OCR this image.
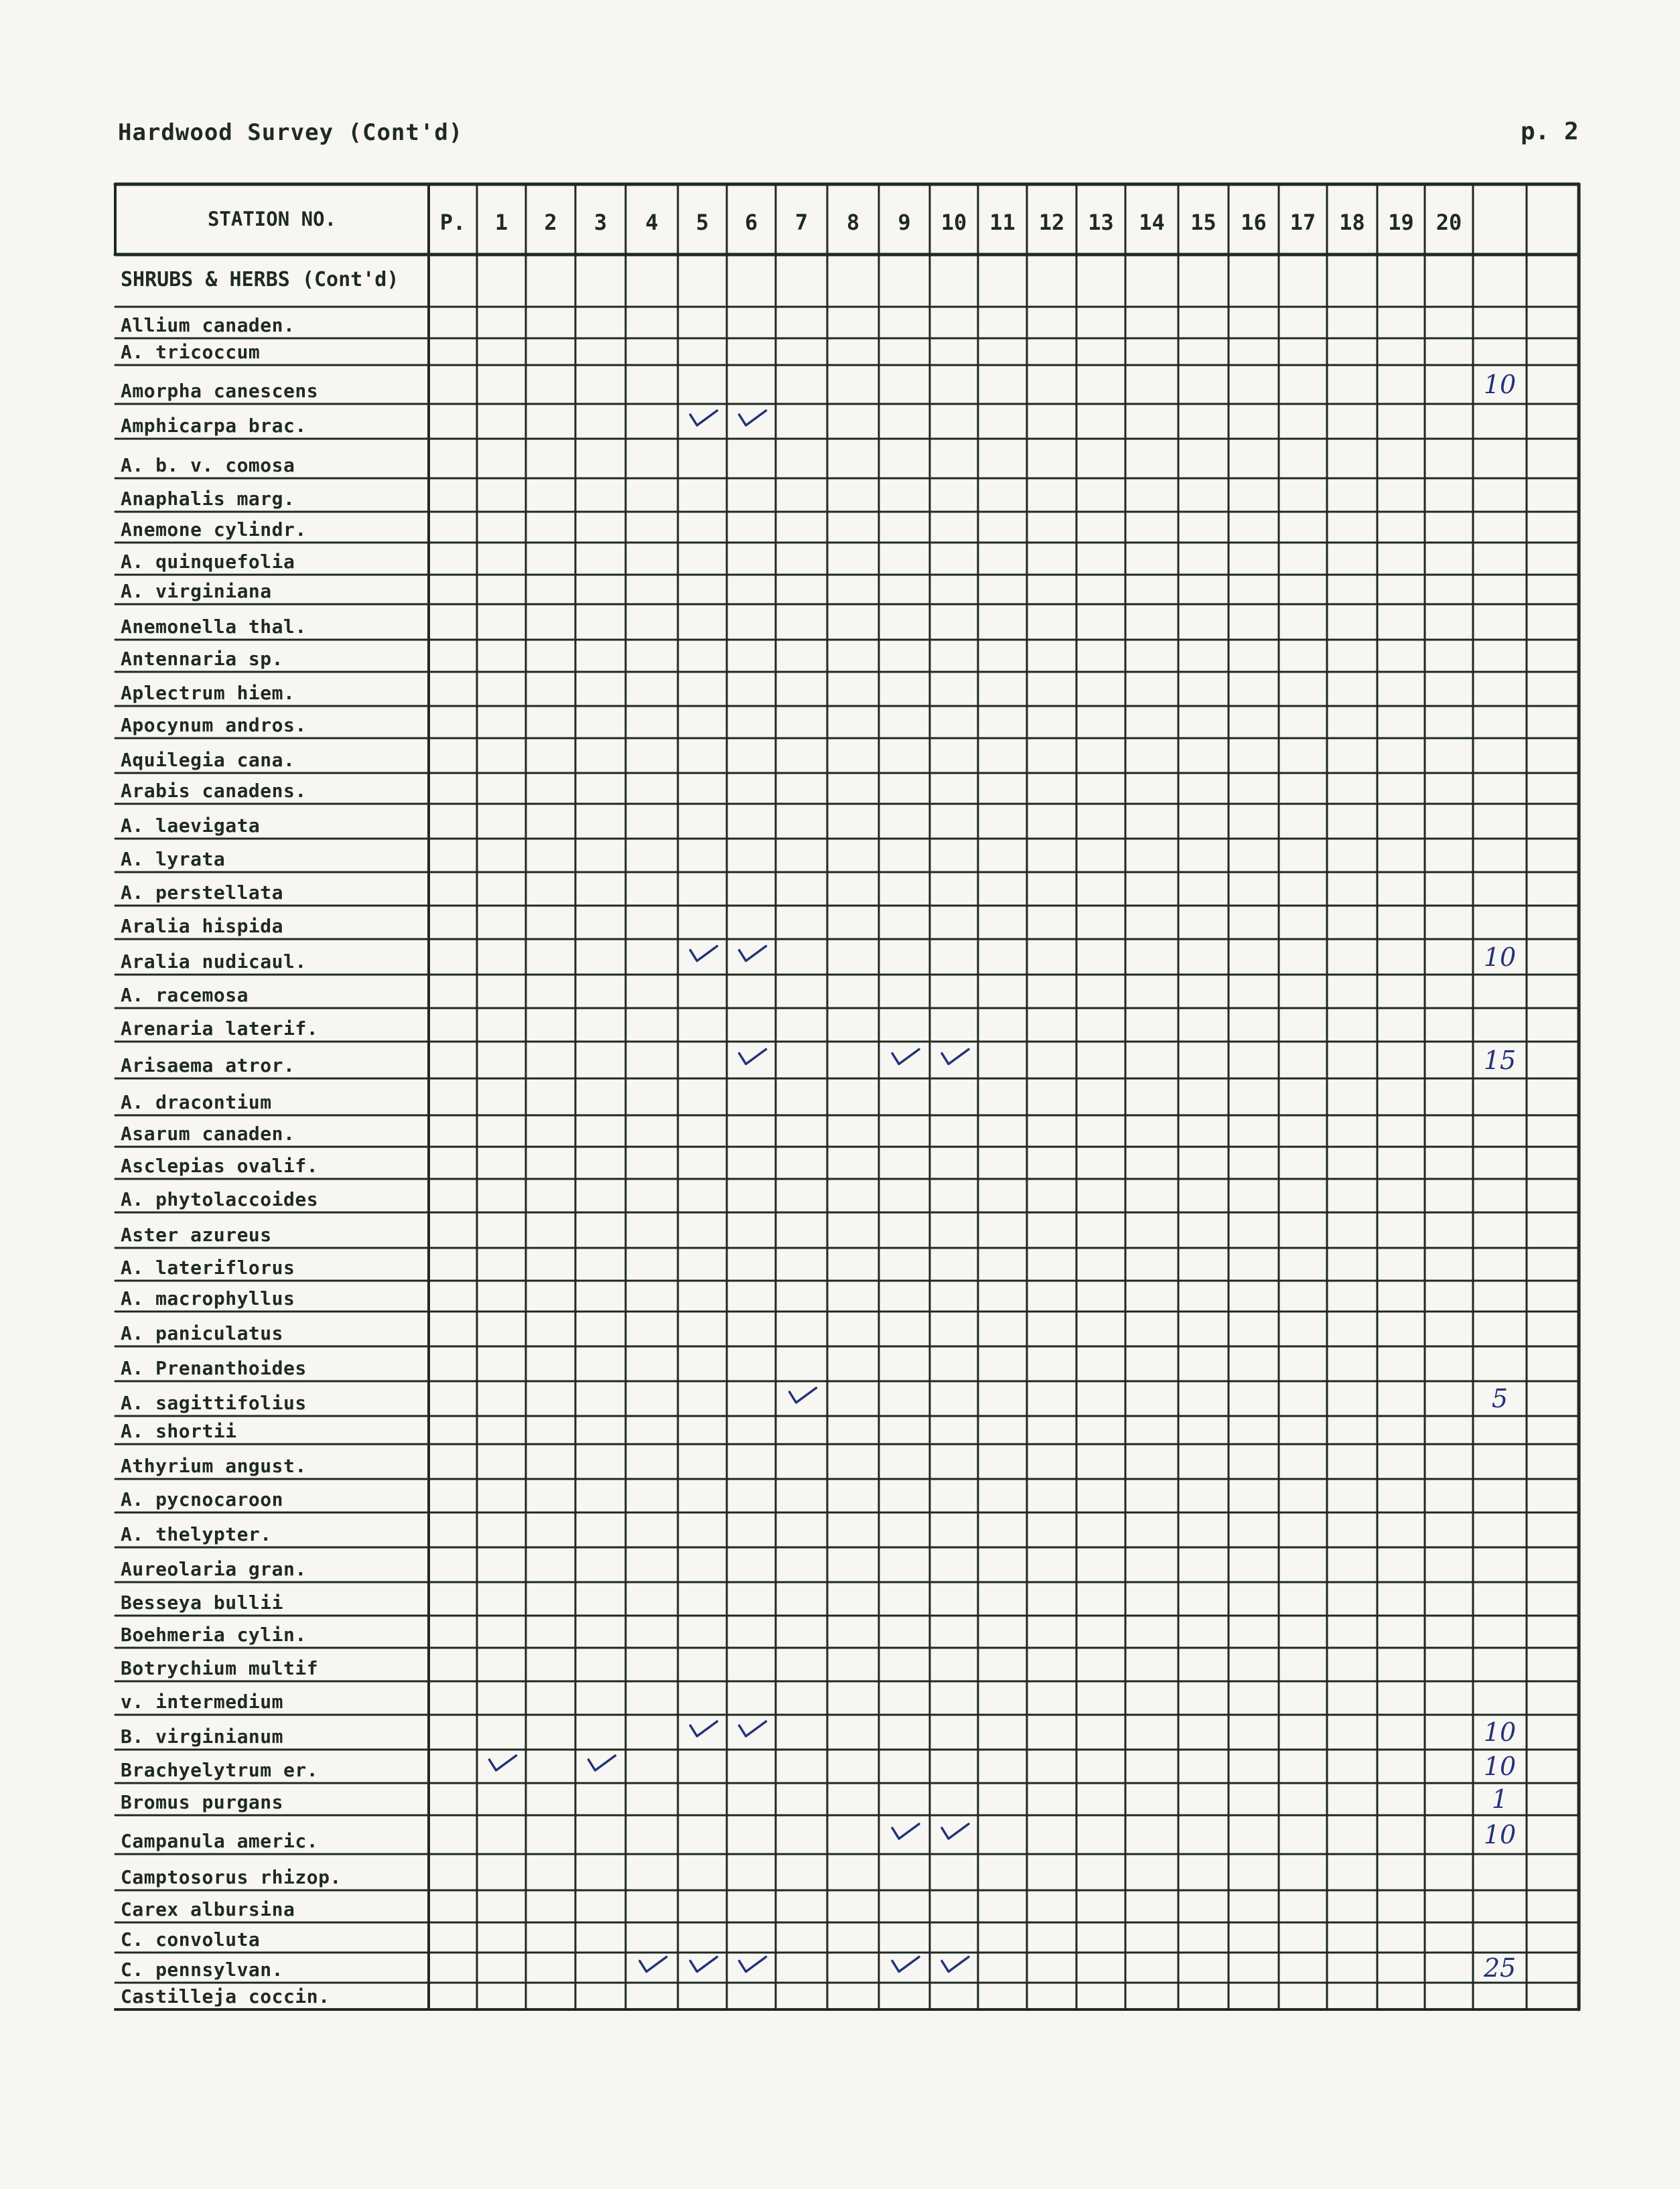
Hardwood Survey (Cont'd)	p. 2
STATION NO.	P. 1 2 3 4 5 6 7 8 9 10 11 12 13 14 15 16 17 18 19 20
SHRUBS & HERBS (Cont'd)
Allium canaden.
A. tricoccum
Amorpha canescens	10
Amphicarpa brac.
A. b. v. comosa
Anaphalis marg.
Anemone cylindr.
A. quinquefolia
A. virginiana
Anemonella thal.
Antennaria sp.
Aplectrum hiem.
Apocynum andros.
Aquilegia cana.
Arabis canadens.
A. laevigata
A. lyrata
A. perstellata
Aralia hispida
Aralia nudicaul.	10
A. racemosa
Arenaria laterif.
Arisaema atror.	15
A. dracontium
Asarum canaden.
Asclepias ovalif.
A. phytolaccoides
Aster azureus
A. lateriflorus
A. macrophyllus
A. paniculatus
A. Prenanthoides
A. sagittifolius	5
A. shortii
Athyrium angust.
A. pycnocaroon
A. thelypter.
Aureolaria gran.
Besseya bullii
Boehmeria cylin.
Botrychium multif
v. intermedium
B. virginianum	10
Brachyelytrum er.	10
Bromus purgans	1
Campanula americ.	10
Camptosorus rhizop.
Carex albursina
C. convoluta
C. pennsylvan.	25
Castilleja coccin.
